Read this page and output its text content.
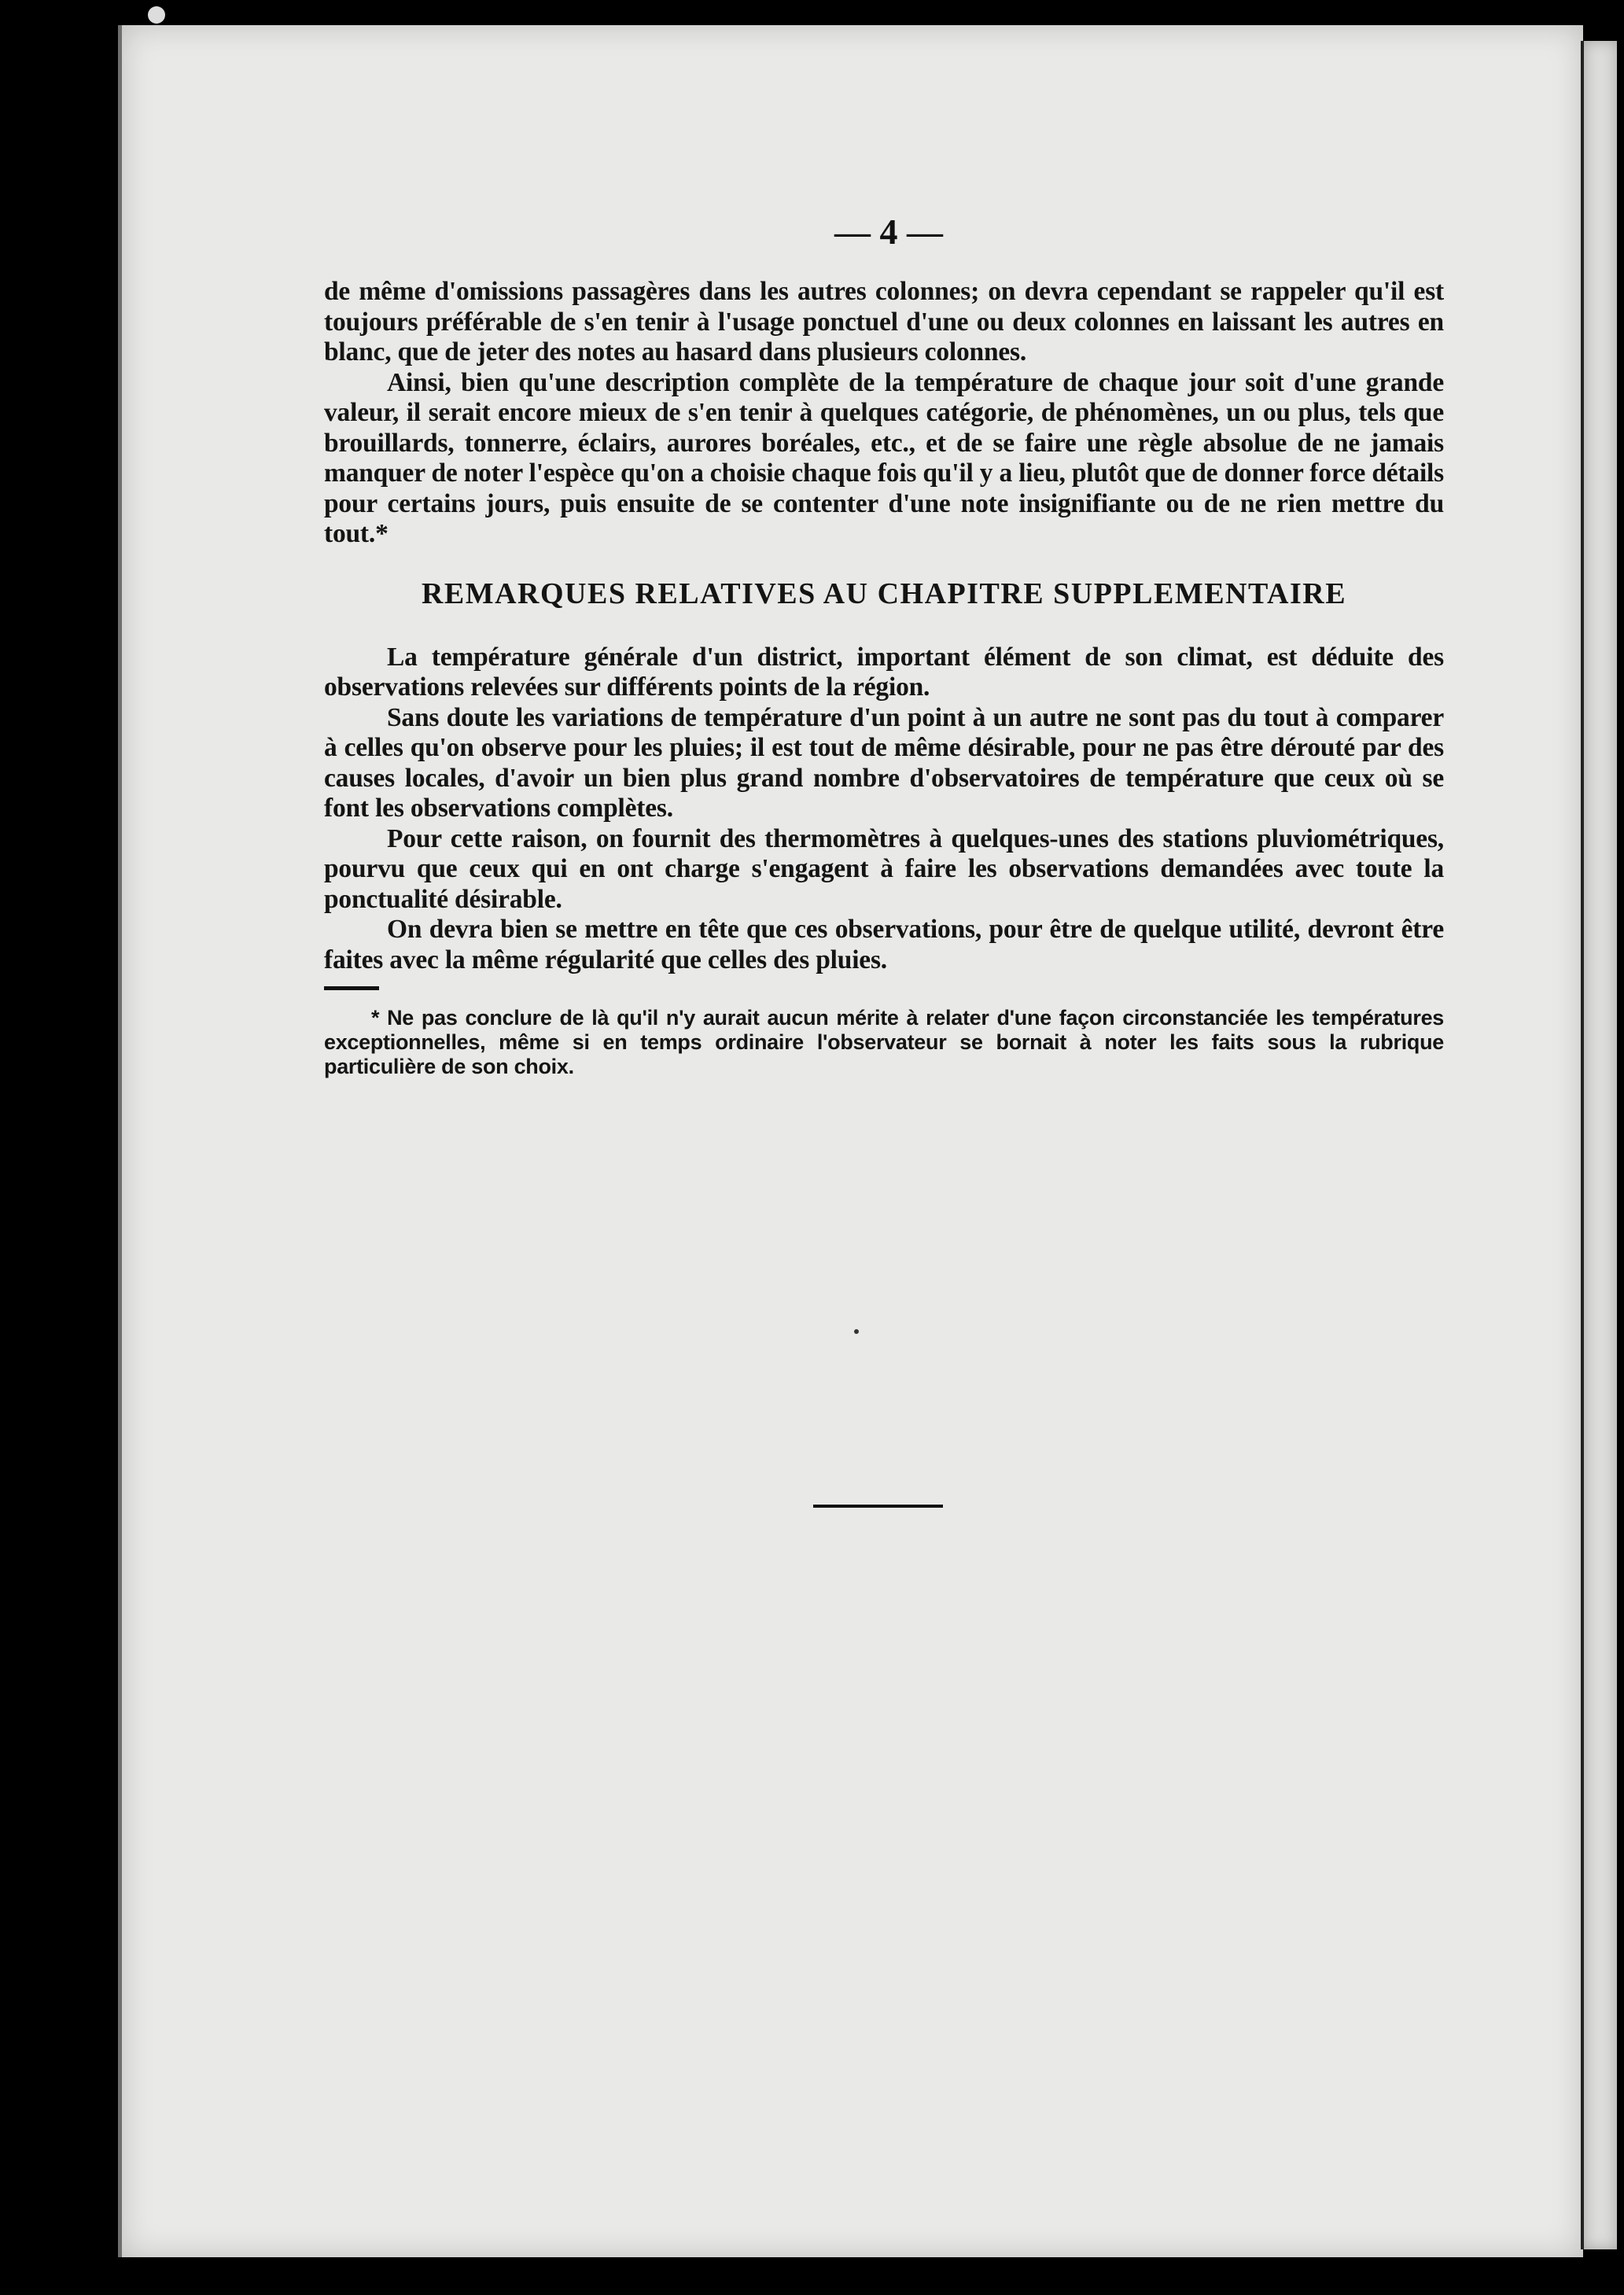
— 4 —

de même d'omissions passagères dans les autres colonnes; on devra cependant se rappeler qu'il est toujours préférable de s'en tenir à l'usage ponctuel d'une ou deux colonnes en laissant les autres en blanc, que de jeter des notes au hasard dans plusieurs colonnes.

Ainsi, bien qu'une description complète de la température de chaque jour soit d'une grande valeur, il serait encore mieux de s'en tenir à quelques catégorie, de phénomènes, un ou plus, tels que brouillards, tonnerre, éclairs, aurores boréales, etc., et de se faire une règle absolue de ne jamais manquer de noter l'espèce qu'on a choisie chaque fois qu'il y a lieu, plutôt que de donner force détails pour certains jours, puis ensuite de se contenter d'une note insignifiante ou de ne rien mettre du tout.*

REMARQUES RELATIVES AU CHAPITRE SUPPLEMENTAIRE

La température générale d'un district, important élément de son climat, est déduite des observations relevées sur différents points de la région.

Sans doute les variations de température d'un point à un autre ne sont pas du tout à comparer à celles qu'on observe pour les pluies; il est tout de même désirable, pour ne pas être dérouté par des causes locales, d'avoir un bien plus grand nombre d'observatoires de température que ceux où se font les observations complètes.

Pour cette raison, on fournit des thermomètres à quelques-unes des stations pluviométriques, pourvu que ceux qui en ont charge s'engagent à faire les observations demandées avec toute la ponctualité désirable.

On devra bien se mettre en tête que ces observations, pour être de quelque utilité, devront être faites avec la même régularité que celles des pluies.

* Ne pas conclure de là qu'il n'y aurait aucun mérite à relater d'une façon circonstanciée les températures exceptionnelles, même si en temps ordinaire l'observateur se bornait à noter les faits sous la rubrique particulière de son choix.
